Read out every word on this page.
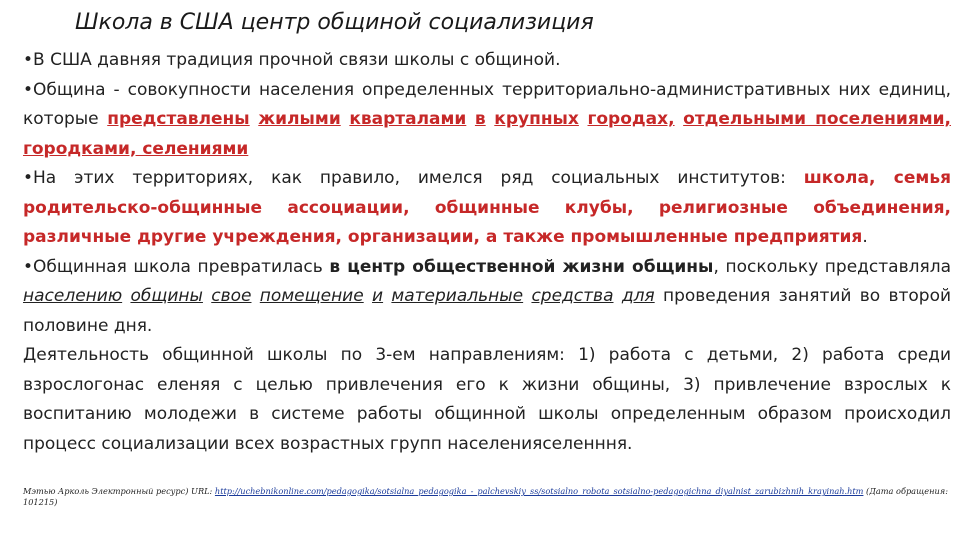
Школа в США центр общиной социализиция

•В США давняя традиция прочной связи школы с общиной.

•Община - совокупности населения определенных территориально-административных них единиц, которые представлены жилыми кварталами в крупных городах, отдельными поселениями, городками, селениями

•На этих территориях, как правило, имелся ряд социальных институтов: школа, семья родительско-общинные ассоциации, общинные клубы, религиозные объединения, различные другие учреждения, организации, а также промышленные предприятия.

•Общинная школа превратилась в центр общественной жизни общины, поскольку представляла населению общины свое помещение и материальные средства для проведения занятий во второй половине дня.

Деятельность общинной школы по 3-ем направлениям: 1) работа с детьми, 2) работа среди взрослогонас еленяя с целью привлечения его к жизни общины, 3) привлечение взрослых к воспитанию молодежи в системе работы общинной школы определенным образом происходил процесс социализации всех возрастных групп населенияселенння.

Мэтью Арколь Электронный ресурс) URL: http://uchebnikonline.com/pedagogika/sotsialna_pedagogika_-_palchevskiy_ss/sotsialno_robota_sotsialno-pedagogichna_diyalnist_zarubizhnih_krayinah.htm (Дата обращения: 101215)
